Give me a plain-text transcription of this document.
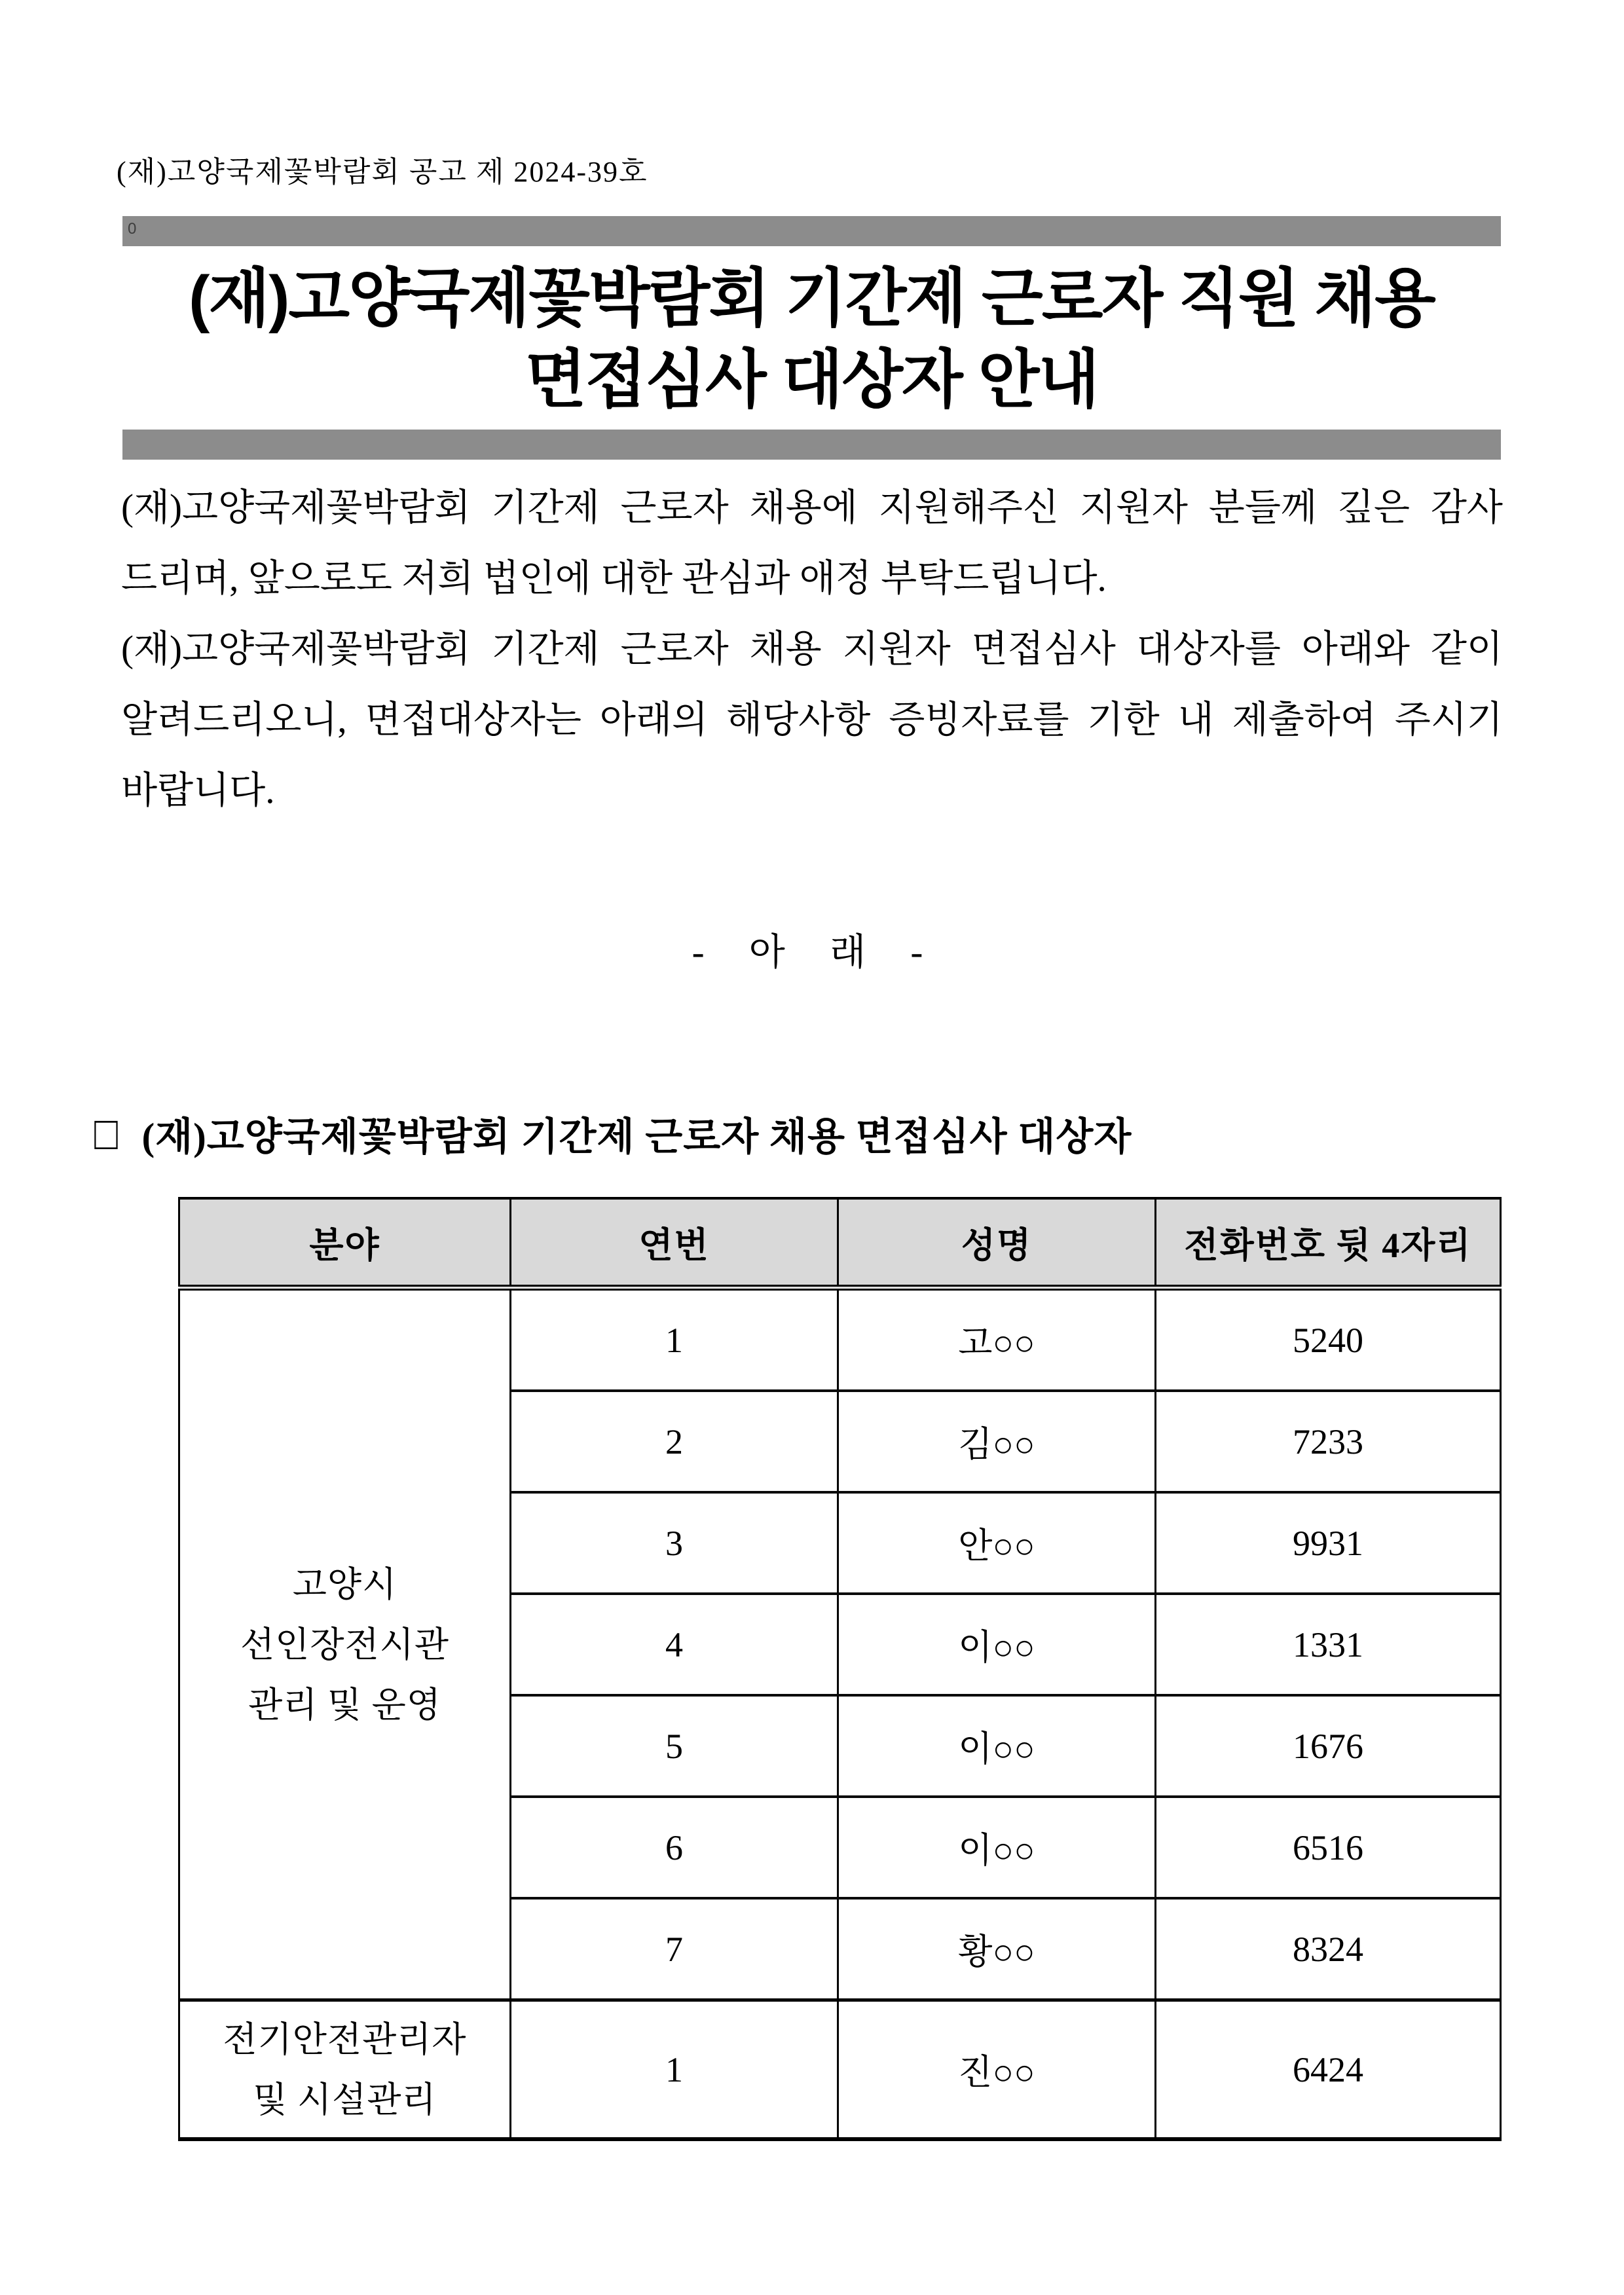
(재)고양국제꽃박람회 공고 제 2024-39호
0
(재)고양국제꽃박람회 기간제 근로자 직원 채용
면접심사 대상자 안내
(재)고양국제꽃박람회 기간제 근로자 채용에 지원해주신 지원자 분들께 깊은 감사
드리며, 앞으로도 저희 법인에 대한 관심과 애정 부탁드립니다.
(재)고양국제꽃박람회 기간제 근로자 채용 지원자 면접심사 대상자를 아래와 같이
알려드리오니, 면접대상자는 아래의 해당사항 증빙자료를 기한 내 제출하여 주시기
바랍니다.
- 아 래 -
□ (재)고양국제꽃박람회 기간제 근로자 채용 면접심사 대상자
분야	연번	성명	전화번호 뒷 4자리

고양시
선인장전시관
관리 및 운영	1	고○○	5240
	2	김○○	7233
	3	안○○	9931
	4	이○○	1331
	5	이○○	1676
	6	이○○	6516
	7	황○○	8324

전기안전관리자
및 시설관리	1	진○○	6424
